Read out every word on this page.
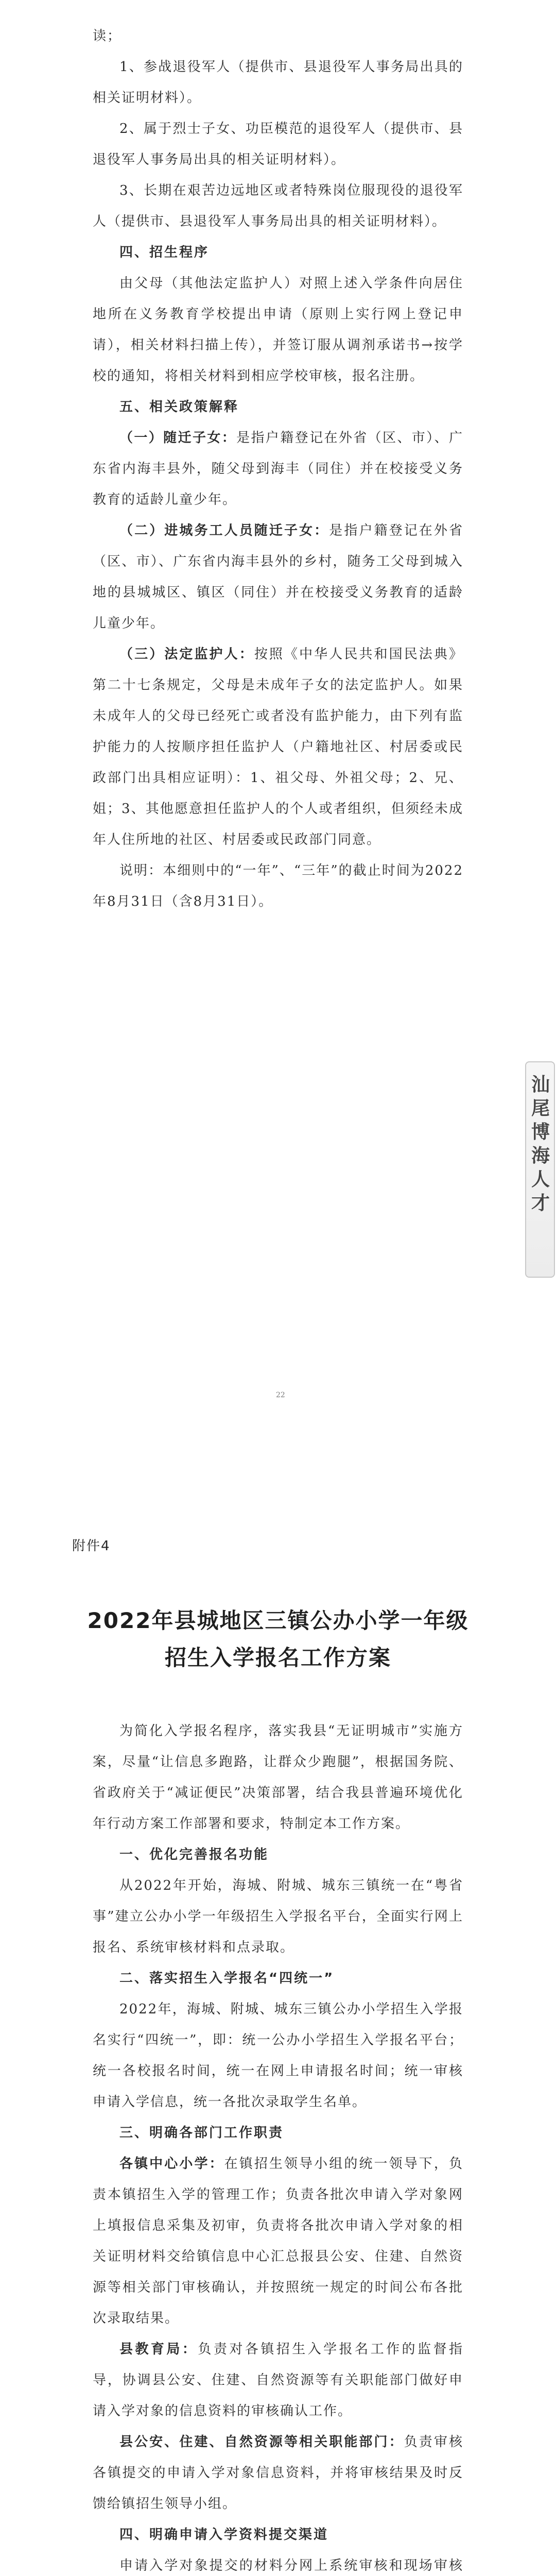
读；

1、参战退役军人（提供市、县退役军人事务局出具的相关证明材料）。

2、属于烈士子女、功臣模范的退役军人（提供市、县退役军人事务局出具的相关证明材料）。

3、长期在艰苦边远地区或者特殊岗位服现役的退役军人（提供市、县退役军人事务局出具的相关证明材料）。

四、招生程序

由父母（其他法定监护人）对照上述入学条件向居住地所在义务教育学校提出申请（原则上实行网上登记申请），相关材料扫描上传），并签订服从调剂承诺书→按学校的通知，将相关材料到相应学校审核，报名注册。

五、相关政策解释

（一）随迁子女：是指户籍登记在外省（区、市）、广东省内海丰县外，随父母到海丰（同住）并在校接受义务教育的适龄儿童少年。

（二）进城务工人员随迁子女：是指户籍登记在外省（区、市）、广东省内海丰县外的乡村，随务工父母到城入地的县城城区、镇区（同住）并在校接受义务教育的适龄儿童少年。

（三）法定监护人：按照《中华人民共和国民法典》第二十七条规定，父母是未成年子女的法定监护人。如果未成年人的父母已经死亡或者没有监护能力，由下列有监护能力的人按顺序担任监护人（户籍地社区、村居委或民政部门出具相应证明）：1、祖父母、外祖父母；2、兄、姐；3、其他愿意担任监护人的个人或者组织，但须经未成年人住所地的社区、村居委或民政部门同意。

说明：本细则中的“一年”、“三年”的截止时间为2022年8月31日（含8月31日）。

22
附件4
2022年县城地区三镇公办小学一年级
招生入学报名工作方案

为简化入学报名程序，落实我县“无证明城市”实施方案，尽量“让信息多跑路，让群众少跑腿”，根据国务院、省政府关于“减证便民”决策部署，结合我县普遍环境优化年行动方案工作部署和要求，特制定本工作方案。

一、优化完善报名功能

从2022年开始，海城、附城、城东三镇统一在“粤省事”建立公办小学一年级招生入学报名平台，全面实行网上报名、系统审核材料和点录取。

二、落实招生入学报名“四统一”

2022年，海城、附城、城东三镇公办小学招生入学报名实行“四统一”，即：统一公办小学招生入学报名平台；统一各校报名时间，统一在网上申请报名时间；统一审核申请入学信息，统一各批次录取学生名单。

三、明确各部门工作职责

各镇中心小学：在镇招生领导小组的统一领导下，负责本镇招生入学的管理工作；负责各批次申请入学对象网上填报信息采集及初审，负责将各批次申请入学对象的相关证明材料交给镇信息中心汇总报县公安、住建、自然资源等相关部门审核确认，并按照统一规定的时间公布各批次录取结果。

县教育局：负责对各镇招生入学报名工作的监督指导，协调县公安、住建、自然资源等有关职能部门做好申请入学对象的信息资料的审核确认工作。

县公安、住建、自然资源等相关职能部门：负责审核各镇提交的申请入学对象信息资料，并将审核结果及时反馈给镇招生领导小组。

四、明确申请入学资料提交渠道

申请入学对象提交的材料分网上系统审核和现场审核

汕尾博海人才
